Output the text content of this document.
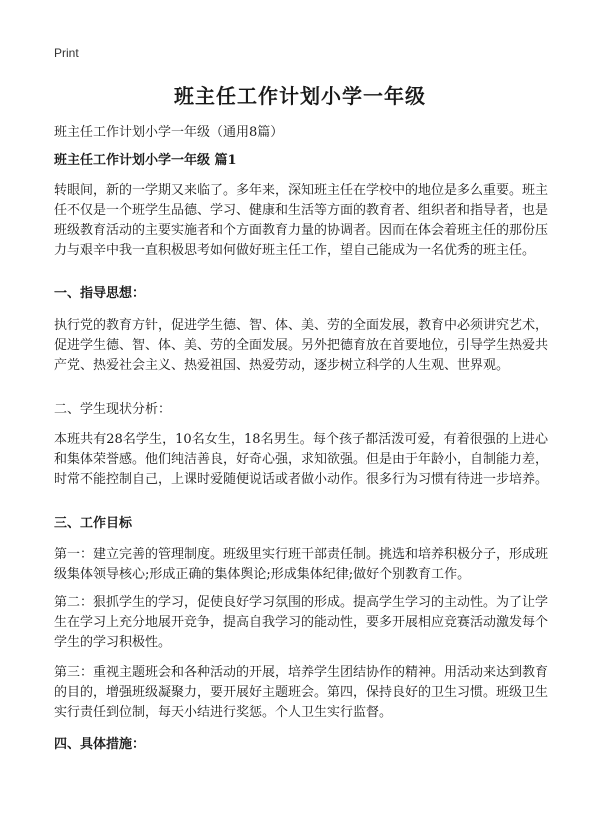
Print
班主任工作计划小学一年级
班主任工作计划小学一年级（通用8篇）
班主任工作计划小学一年级 篇1
转眼间，新的一学期又来临了。多年来，深知班主任在学校中的地位是多么重要。班主任不仅是一个班学生品德、学习、健康和生活等方面的教育者、组织者和指导者，也是班级教育活动的主要实施者和个方面教育力量的协调者。因而在体会着班主任的那份压力与艰辛中我一直积极思考如何做好班主任工作，望自己能成为一名优秀的班主任。
一、指导思想：
执行党的教育方针，促进学生德、智、体、美、劳的全面发展，教育中必须讲究艺术，促进学生德、智、体、美、劳的全面发展。另外把德育放在首要地位，引导学生热爱共产党、热爱社会主义、热爱祖国、热爱劳动，逐步树立科学的人生观、世界观。
二、学生现状分析：
本班共有28名学生，10名女生，18名男生。每个孩子都活泼可爱，有着很强的上进心和集体荣誉感。他们纯洁善良，好奇心强，求知欲强。但是由于年龄小，自制能力差，时常不能控制自己，上课时爱随便说话或者做小动作。很多行为习惯有待进一步培养。
三、工作目标
第一：建立完善的管理制度。班级里实行班干部责任制。挑选和培养积极分子，形成班级集体领导核心;形成正确的集体舆论;形成集体纪律;做好个别教育工作。
第二：狠抓学生的学习，促使良好学习氛围的形成。提高学生学习的主动性。为了让学生在学习上充分地展开竞争，提高自我学习的能动性，要多开展相应竞赛活动激发每个学生的学习积极性。
第三：重视主题班会和各种活动的开展，培养学生团结协作的精神。用活动来达到教育的目的，增强班级凝聚力，要开展好主题班会。第四，保持良好的卫生习惯。班级卫生实行责任到位制，每天小结进行奖惩。个人卫生实行监督。
四、具体措施：
